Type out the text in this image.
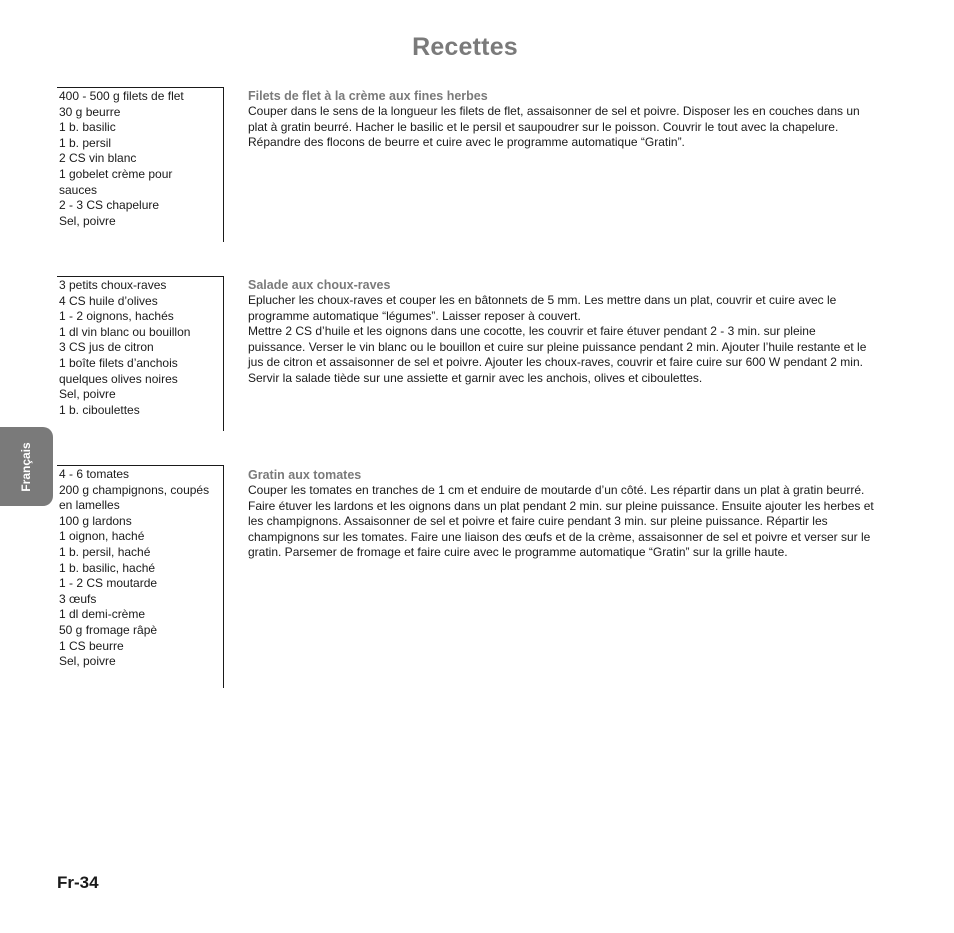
Recettes
400 - 500 g filets de flet
30 g beurre
1 b. basilic
1 b. persil
2 CS vin blanc
1 gobelet crème pour
sauces
2 - 3 CS chapelure
Sel, poivre
Filets de flet à la crème aux fines herbes

Couper dans le sens de la longueur les filets de flet, assaisonner de sel et poivre. Disposer les en couches dans un plat à gratin beurré. Hacher le basilic et le persil et saupoudrer sur le poisson. Couvrir le tout avec la chapelure. Répandre des flocons de beurre et cuire avec le programme automatique “Gratin”.

3 petits choux-raves
4 CS huile d’olives
1 - 2 oignons, hachés
1 dl vin blanc ou bouillon
3 CS jus de citron
1 boîte filets d’anchois
quelques olives noires
Sel, poivre
1 b. ciboulettes
Salade aux choux-raves

Eplucher les choux-raves et couper les en bâtonnets de 5 mm. Les mettre dans un plat, couvrir et cuire avec le programme automatique “légumes”. Laisser reposer à couvert.

Mettre 2 CS d’huile et les oignons dans une cocotte, les couvrir et faire étuver pendant 2 - 3 min. sur pleine puissance. Verser le vin blanc ou le bouillon et cuire sur pleine puissance pendant 2 min. Ajouter l’huile restante et le jus de citron et assaisonner de sel et poivre. Ajouter les choux-raves, couvrir et faire cuire sur 600 W pendant 2 min. Servir la salade tiède sur une assiette et garnir avec les anchois, olives et ciboulettes.

4 - 6 tomates
200 g champignons, coupés
en lamelles
100 g lardons
1 oignon, haché
1 b. persil, haché
1 b. basilic, haché
1 - 2 CS moutarde
3 œufs
1 dl demi-crème
50 g fromage râpè
1 CS beurre
Sel, poivre
Gratin aux tomates

Couper les tomates en tranches de 1 cm et enduire de moutarde d’un côté. Les répartir dans un plat à gratin beurré. Faire étuver les lardons et les oignons dans un plat pendant 2 min. sur pleine puissance. Ensuite ajouter les herbes et les champignons. Assaisonner de sel et poivre et faire cuire pendant 3 min. sur pleine puissance. Répartir les champignons sur les tomates. Faire une liaison des œufs et de la crème, assaisonner de sel et poivre et verser sur le gratin. Parsemer de fromage et faire cuire avec le programme automatique “Gratin” sur la grille haute.

Français
Fr-34
